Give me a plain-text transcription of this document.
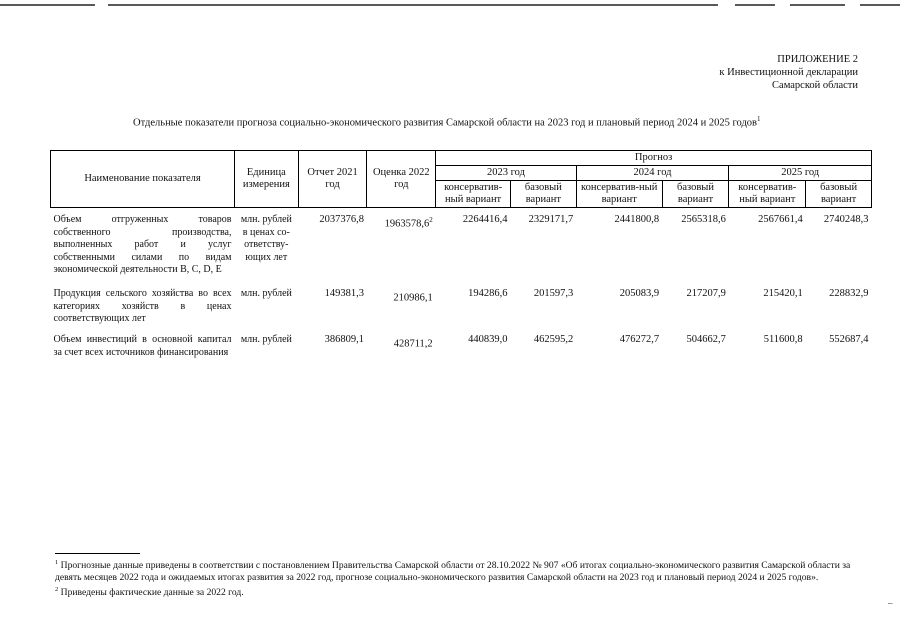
ПРИЛОЖЕНИЕ 2
к Инвестиционной декларации
Самарской области
Отдельные показатели прогноза социально-экономического развития Самарской области на 2023 год и плановый период 2024 и 2025 годов$^1$
Наименование показателя	Единица измерения	Отчет 2021 год	Оценка 2022 год	Прогноз					
				2023 год		2024 год		2025 год	
				консерватив-ный вариант	базовый вариант	консерватив-ный вариант	базовый вариант	консерватив-ный вариант	базовый вариант
Объем отгруженных товаров собственного производства, выполненных работ и услуг собственными силами по видам экономической деятельности B, C, D, E	млн. рублей в ценах со-ответству-ющих лет	2037376,8	1963578,6$^2$	2264416,4	2329171,7	2441800,8	2565318,6	2567661,4	2740248,3
Продукция сельского хозяйства во всех категориях хозяйств в ценах соответствующих лет	млн. рублей	149381,3	210986,1	194286,6	201597,3	205083,9	217207,9	215420,1	228832,9
Объем инвестиций в основной капитал за счет всех источников финансирования	млн. рублей	386809,1	428711,2	440839,0	462595,2	476272,7	504662,7	511600,8	552687,4
$^1$ Прогнозные данные приведены в соответствии с постановлением Правительства Самарской области от 28.10.2022 № 907 «Об итогах социально-экономического развития Самарской области за девять месяцев 2022 года и ожидаемых итогах развития за 2022 год, прогнозе социально-экономического развития Самарской области на 2023 год и плановый период 2024 и 2025 годов».
$^2$ Приведены фактические данные за 2022 год.
–
